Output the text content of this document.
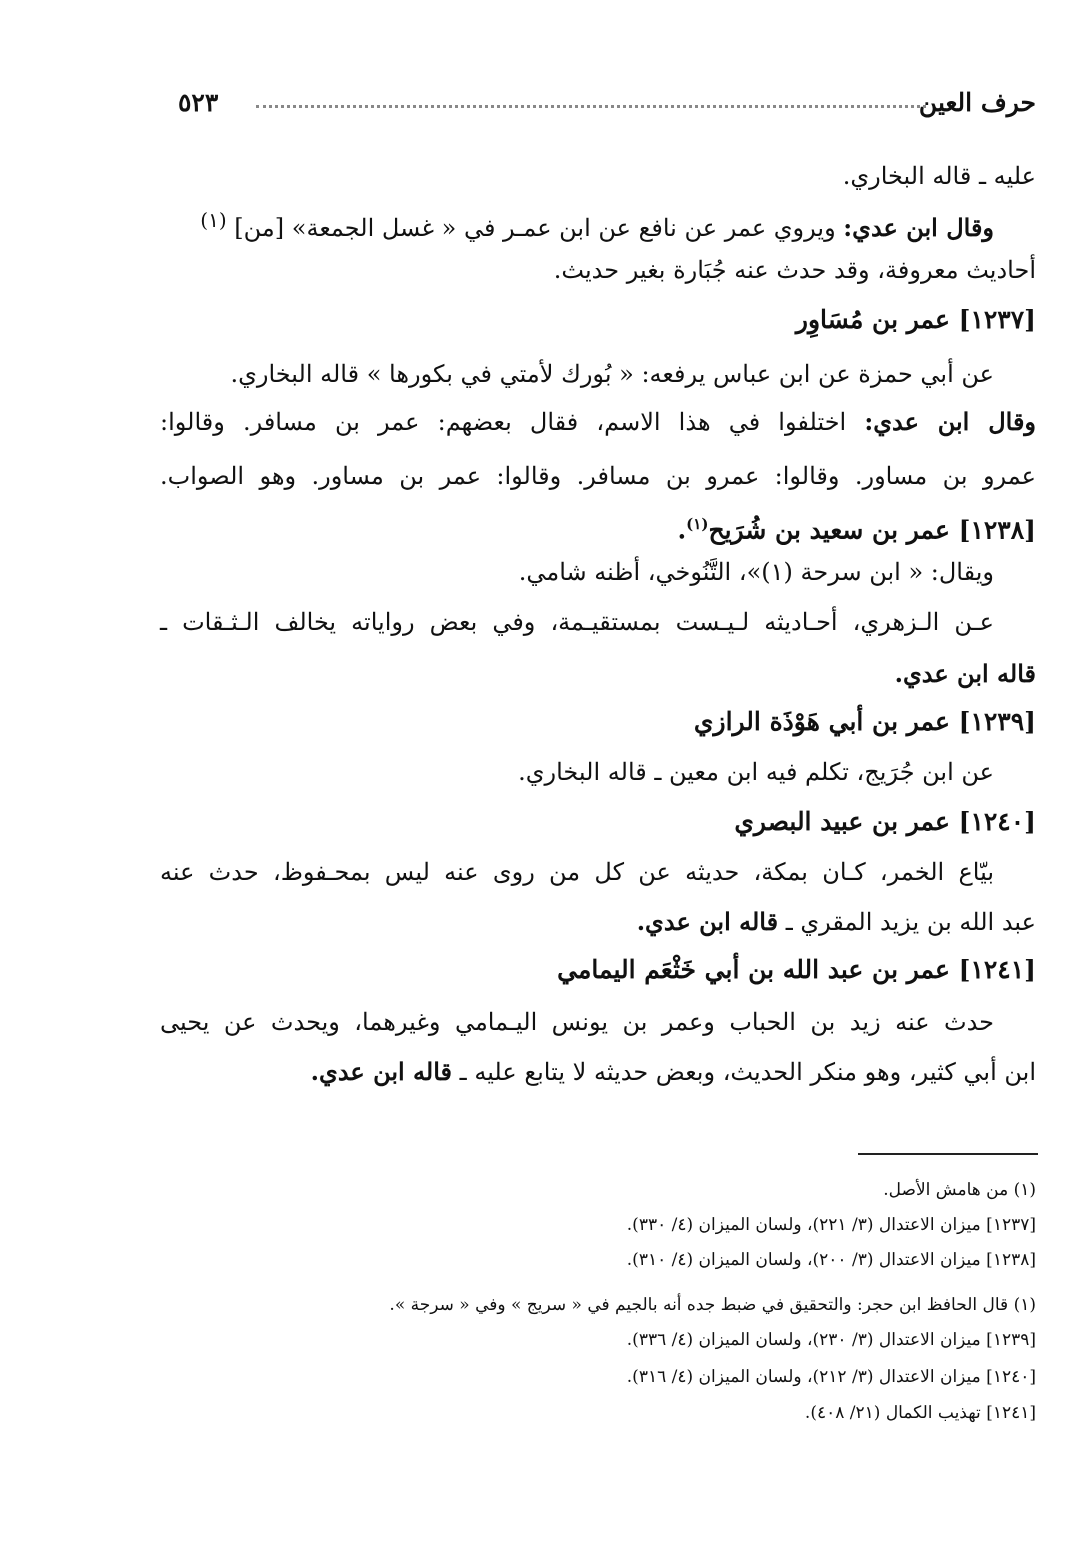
حرف العين
٥٢٣
عليه ـ قاله البخاري.
وقال ابن عدي: ويروي عمر عن نافع عن ابن عمـر في « غسل الجمعة» [من] $^{(١)}$
أحاديث معروفة، وقد حدث عنه جُبَارة بغير حديث.
[١٢٣٧] عمر بن مُسَاوِر
عن أبي حمزة عن ابن عباس يرفعه: « بُورك لأمتي في بكورها » قاله البخاري.
وقال ابن عدي: اختلفوا في هذا الاسم، فقال بعضهم: عمر بن مسافر. وقالوا:
عمرو بن مساور. وقالوا: عمرو بن مسافر. وقالوا: عمر بن مساور. وهو الصواب.
[١٢٣٨] عمر بن سعيد بن شُرَيح$^{(١)}$.
ويقال: « ابن سرحة (١)»، التَّنُوخي، أظنه شامي.
عـن الـزهري، أحـاديثه لـيـست بمستقيـمة، وفي بعض رواياته يخالف الـثـقات ـ
قاله ابن عدي.
[١٢٣٩] عمر بن أبي هَوْذَة الرازي
عن ابن جُرَيج، تكلم فيه ابن معين ـ قاله البخاري.
[١٢٤٠] عمر بن عبيد البصري
بيّاع الخمر، كـان بمكة، حديثه عن كل من روى عنه ليس بمحـفوظ، حدث عنه
عبد الله بن يزيد المقري ـ قاله ابن عدي.
[١٢٤١] عمر بن عبد الله بن أبي خَثْعَم اليمامي
حدث عنه زيد بن الحباب وعمر بن يونس اليـمامي وغيرهما، ويحدث عن يحيى
ابن أبي كثير، وهو منكر الحديث، وبعض حديثه لا يتابع عليه ـ قاله ابن عدي.
(١) من هامش الأصل.
[١٢٣٧] ميزان الاعتدال (٣/ ٢٢١)، ولسان الميزان (٤/ ٣٣٠).
[١٢٣٨] ميزان الاعتدال (٣/ ٢٠٠)، ولسان الميزان (٤/ ٣١٠).
(١) قال الحافظ ابن حجر: والتحقيق في ضبط جده أنه بالجيم في « سريج » وفي « سرجة ».
[١٢٣٩] ميزان الاعتدال (٣/ ٢٣٠)، ولسان الميزان (٤/ ٣٣٦).
[١٢٤٠] ميزان الاعتدال (٣/ ٢١٢)، ولسان الميزان (٤/ ٣١٦).
[١٢٤١] تهذيب الكمال (٢١/ ٤٠٨).
